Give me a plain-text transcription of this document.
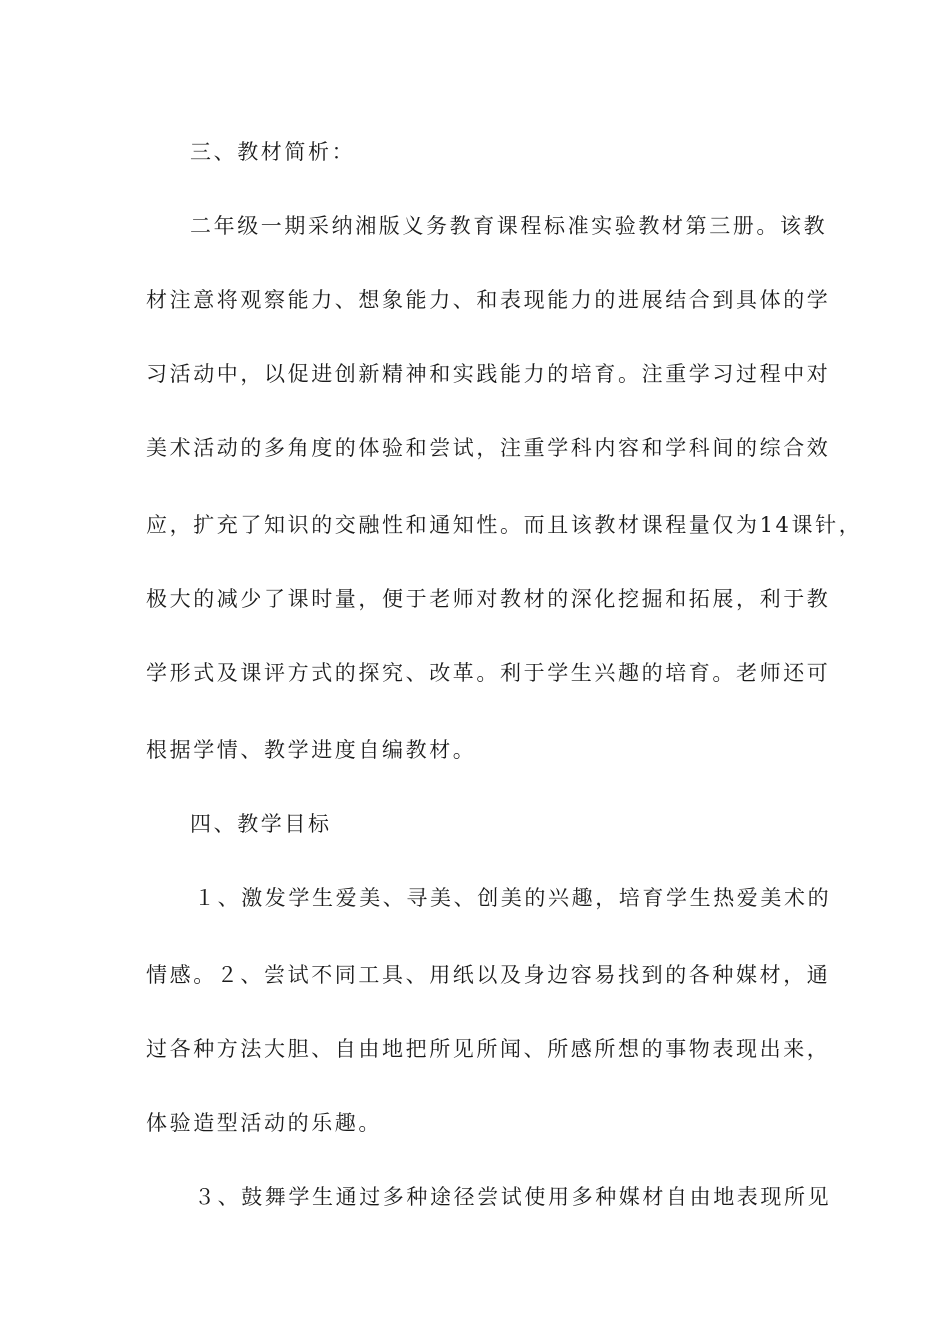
三、教材简析：
二年级一期采纳湘版义务教育课程标准实验教材第三册。该教
材注意将观察能力、想象能力、和表现能力的进展结合到具体的学
习活动中，以促进创新精神和实践能力的培育。注重学习过程中对
美术活动的多角度的体验和尝试，注重学科内容和学科间的综合效
应，扩充了知识的交融性和通知性。而且该教材课程量仅为14课针，
极大的减少了课时量，便于老师对教材的深化挖掘和拓展，利于教
学形式及课评方式的探究、改革。利于学生兴趣的培育。老师还可
根据学情、教学进度自编教材。
四、教学目标
１、激发学生爱美、寻美、创美的兴趣，培育学生热爱美术的
情感。２、尝试不同工具、用纸以及身边容易找到的各种媒材，通
过各种方法大胆、自由地把所见所闻、所感所想的事物表现出来，
体验造型活动的乐趣。
３、鼓舞学生通过多种途径尝试使用多种媒材自由地表现所见
